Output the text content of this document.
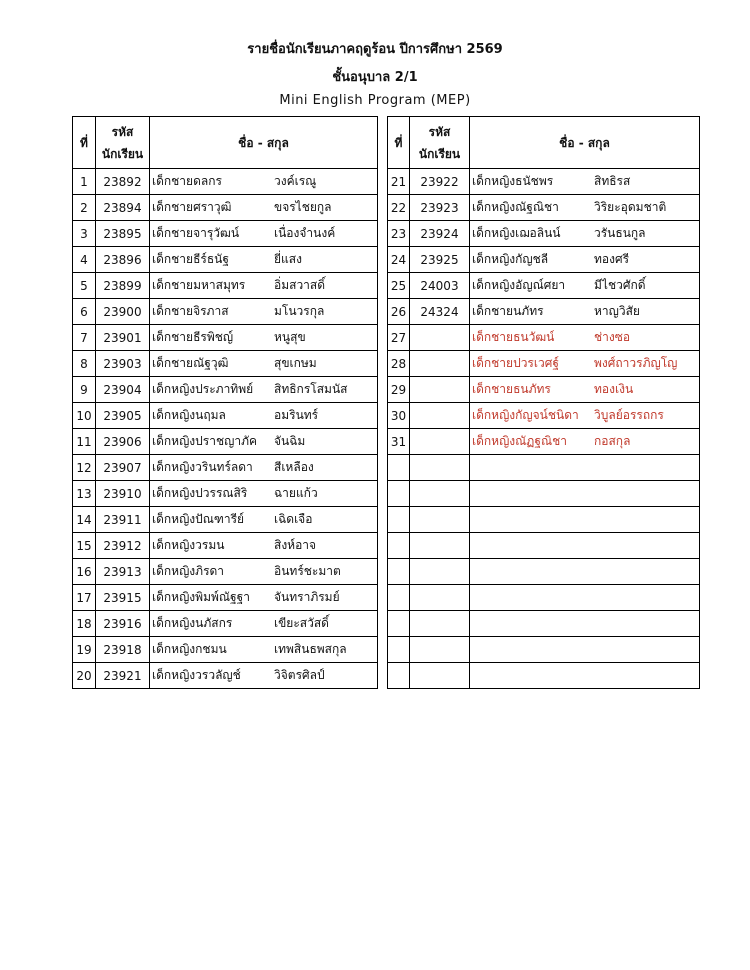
รายชื่อนักเรียนภาคฤดูร้อน ปีการศึกษา 2569
ชั้นอนุบาล 2/1
Mini English Program (MEP)
ที่	รหัส
นักเรียน	ชื่อ - สกุล
1	23892	เด็กชายดลกร วงค์เรณู
2	23894	เด็กชายศราวุฒิ ขจรไชยกูล
3	23895	เด็กชายจารุวัฒน์ เนื่องจำนงค์
4	23896	เด็กชายธีร์ธนัฐ ยี่แสง
5	23899	เด็กชายมหาสมุทร อิ่มสวาสดิ์
6	23900	เด็กชายจิรภาส มโนวรกุล
7	23901	เด็กชายธีรพิชญ์ หนูสุข
8	23903	เด็กชายณัฐวุฒิ สุขเกษม
9	23904	เด็กหญิงประภาทิพย์ สิทธิกรโสมนัส
10	23905	เด็กหญิงนฤมล อมรินทร์
11	23906	เด็กหญิงปราชญาภัค จันฉิม
12	23907	เด็กหญิงวรินทร์ลดา สีเหลือง
13	23910	เด็กหญิงปวรรณสิริ ฉายแก้ว
14	23911	เด็กหญิงปัณฑารีย์ เฉิดเจือ
15	23912	เด็กหญิงวรมน สิงห์อาจ
16	23913	เด็กหญิงภิรดา อินทร์ชะมาต
17	23915	เด็กหญิงพิมพ์ณัฐฐา จันทราภิรมย์
18	23916	เด็กหญิงนภัสกร เขียะสวัสดิ์
19	23918	เด็กหญิงกชมน เทพสินธพสกุล
20	23921	เด็กหญิงวรวลัญช์ วิจิตรศิลป์
ที่	รหัส
นักเรียน	ชื่อ - สกุล
21	23922	เด็กหญิงธนัชพร สิทธิรส
22	23923	เด็กหญิงณัฐณิชา วิริยะอุดมชาติ
23	23924	เด็กหญิงเฌอลินน์ วรันธนกูล
24	23925	เด็กหญิงกัญชลี ทองศรี
25	24003	เด็กหญิงอัญณ์ศยา มีไชวศักดิ์
26	24324	เด็กชายนภัทร หาญวิสัย
27		เด็กชายธนวัฒน์ ช่างซอ
28		เด็กชายปวรเวศฐ์ พงศ์ถาวรภิญโญ
29		เด็กชายธนภัทร ทองเงิน
30		เด็กหญิงกัญจน์ชนิดา วิบูลย์อรรถกร
31		เด็กหญิงณัฏฐณิชา กอสกุล
